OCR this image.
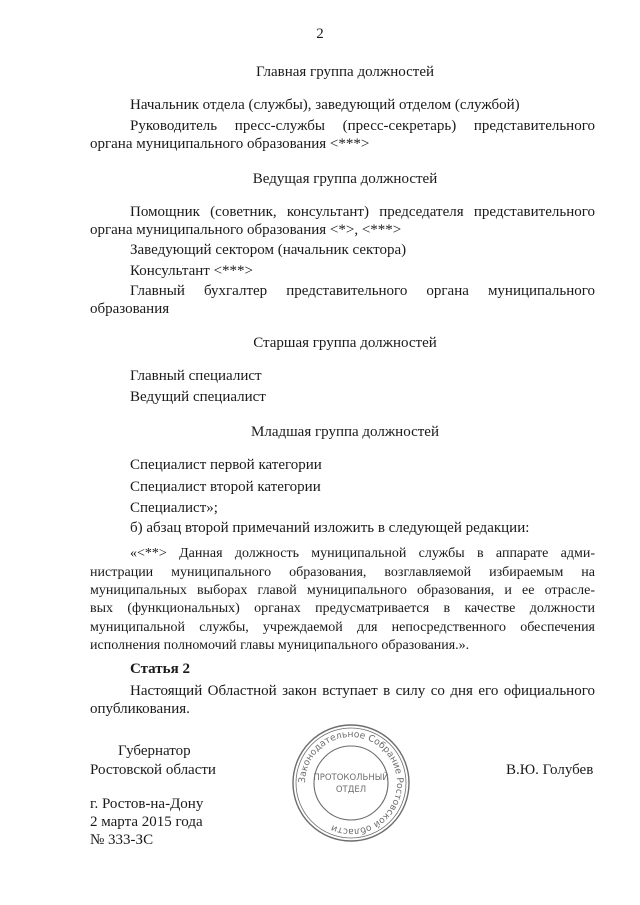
2
Главная группа должностей
Начальник отдела (службы), заведующий отделом (службой)
Руководитель пресс-службы (пресс-секретарь) представительного
органа муниципального образования <***>
Ведущая группа должностей
Помощник (советник, консультант) председателя представительного
органа муниципального образования <*>, <***>
Заведующий сектором (начальник сектора)
Консультант <***>
Главный бухгалтер представительного органа муниципального
образования
Старшая группа должностей
Главный специалист
Ведущий специалист
Младшая группа должностей
Специалист первой категории
Специалист второй категории
Специалист»;
б) абзац второй примечаний изложить в следующей редакции:
«<**> Данная должность муниципальной службы в аппарате адми-
нистрации муниципального образования, возглавляемой избираемым на
муниципальных выборах главой муниципального образования, и ее отрасле-
вых (функциональных) органах предусматривается в качестве должности
муниципальной службы, учреждаемой для непосредственного обеспечения
исполнения полномочий главы муниципального образования.».
Статья 2
Настоящий Областной закон вступает в силу со дня его официального
опубликования.
Губернатор
Ростовской области	В.Ю. Голубев
г. Ростов-на-Дону
2 марта 2015 года
№ 333-ЗС
Законодательное Собрание Ростовской области
ПРОТОКОЛЬНЫЙ
ОТДЕЛ
